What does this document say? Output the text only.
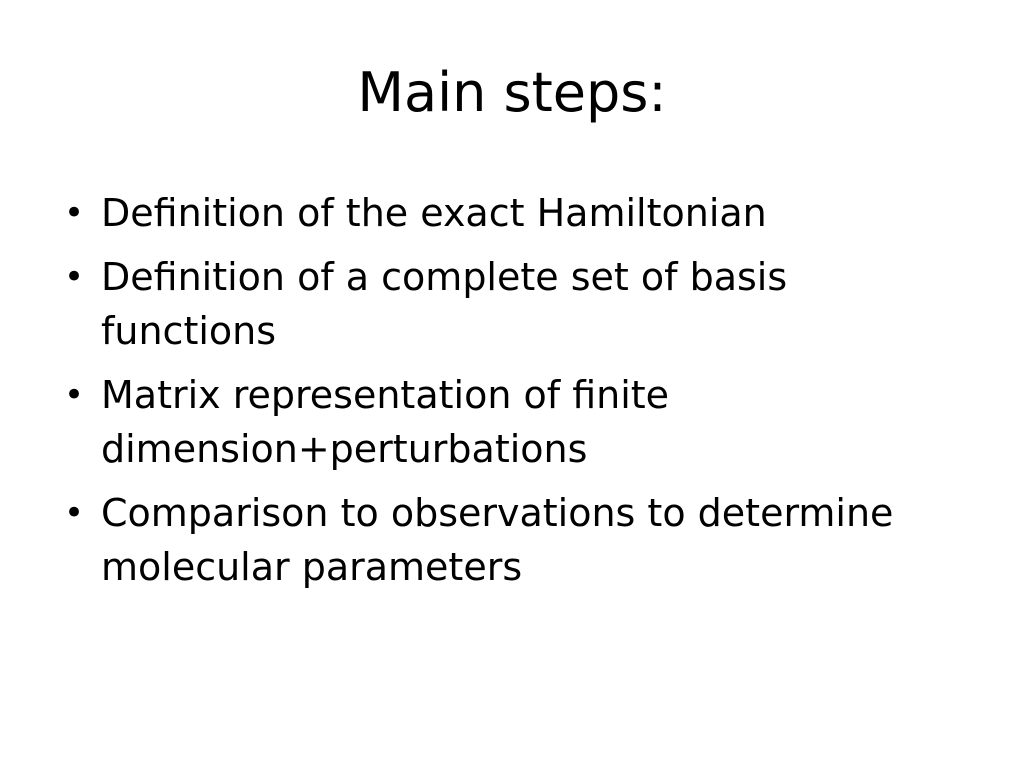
Main steps:
• Definition of the exact Hamiltonian
• Definition of a complete set of basis functions
• Matrix representation of finite dimension+perturbations
• Comparison to observations to determine molecular parameters
